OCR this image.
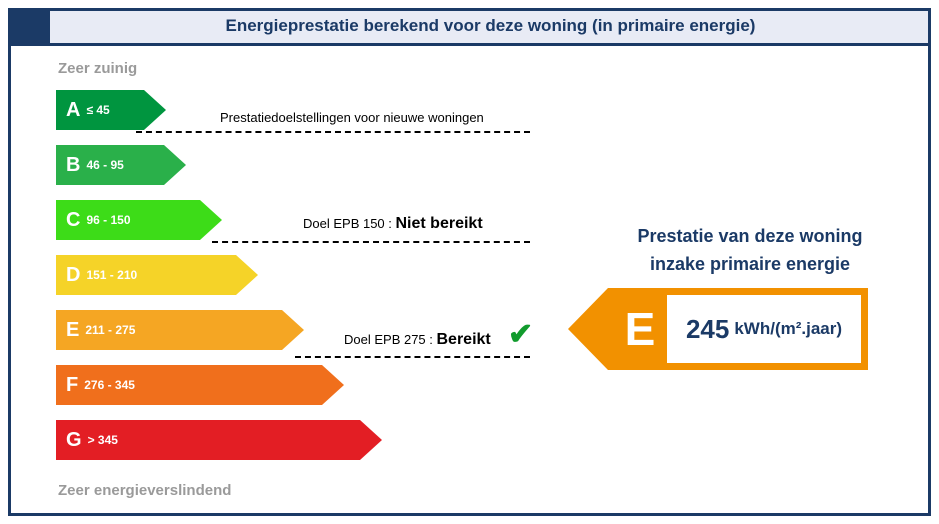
Energieprestatie berekend voor deze woning (in primaire energie)
Zeer zuinig
Zeer energieverslindend
A ≤ 45
B 46 - 95
C 96 - 150
D 151 - 210
E 211 - 275
F 276 - 345
G > 345
Prestatiedoelstellingen voor nieuwe woningen
Doel EPB 150 : Niet bereikt
Doel EPB 275 : Bereikt ✔
Prestatie van deze woning
inzake primaire energie
E	245 kWh/(m².jaar)
